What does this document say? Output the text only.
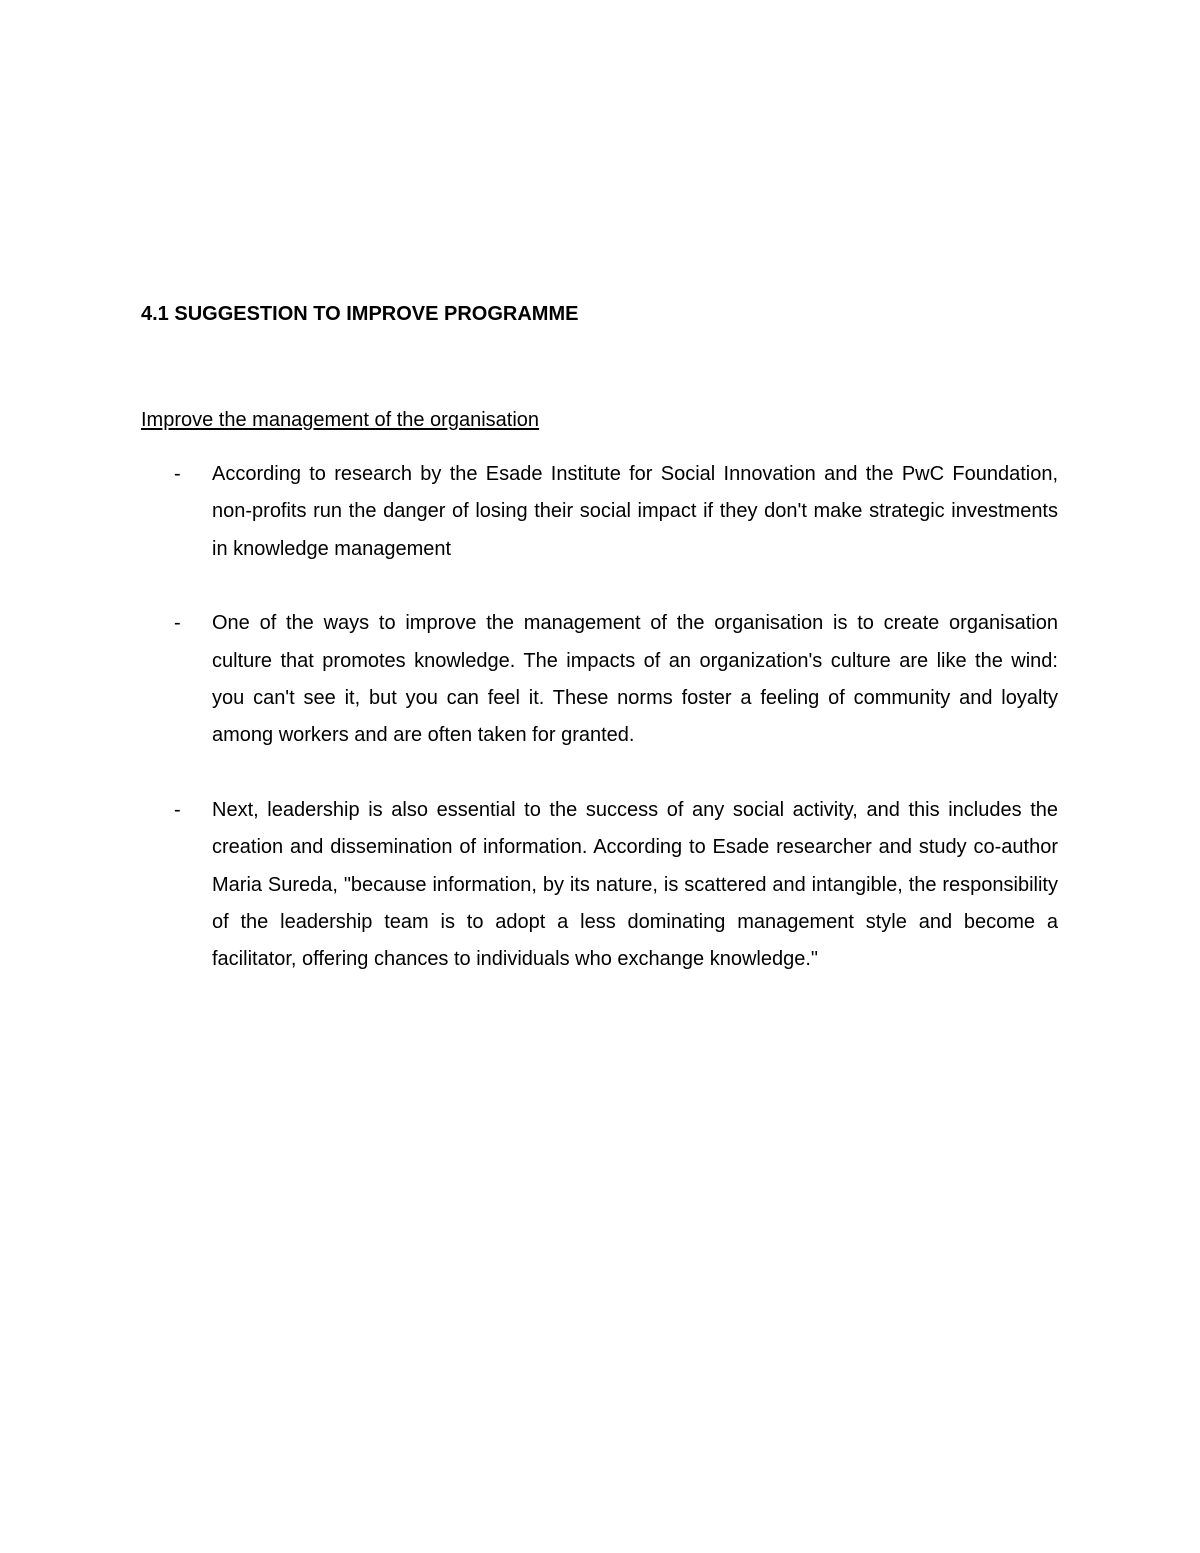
4.1 SUGGESTION TO IMPROVE PROGRAMME

Improve the management of the organisation

-	According to research by the Esade Institute for Social Innovation and the PwC Foundation, non-profits run the danger of losing their social impact if they don't make strategic investments in knowledge management
-	One of the ways to improve the management of the organisation is to create organisation culture that promotes knowledge. The impacts of an organization's culture are like the wind: you can't see it, but you can feel it. These norms foster a feeling of community and loyalty among workers and are often taken for granted.
-	Next, leadership is also essential to the success of any social activity, and this includes the creation and dissemination of information. According to Esade researcher and study co-author Maria Sureda, "because information, by its nature, is scattered and intangible, the responsibility of the leadership team is to adopt a less dominating management style and become a facilitator, offering chances to individuals who exchange knowledge."
